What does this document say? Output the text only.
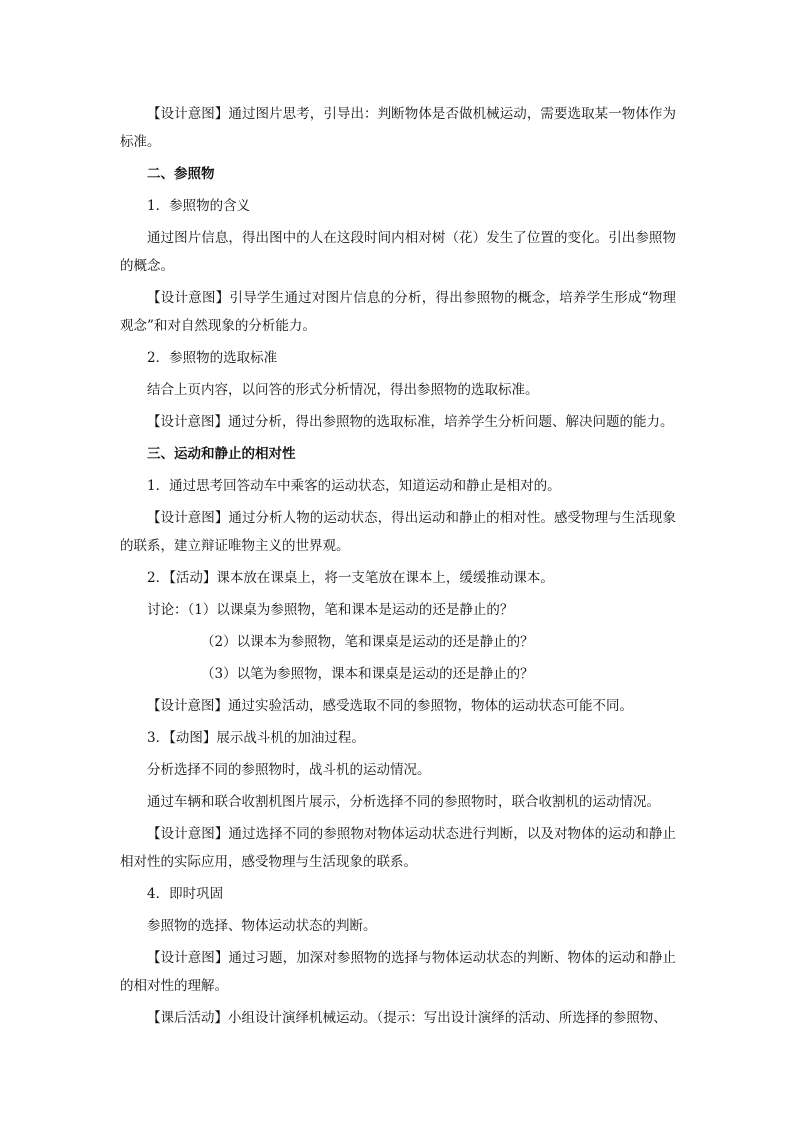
【设计意图】通过图片思考，引导出：判断物体是否做机械运动，需要选取某一物体作为标准。

二、参照物

1．参照物的含义

通过图片信息，得出图中的人在这段时间内相对树（花）发生了位置的变化。引出参照物的概念。

【设计意图】引导学生通过对图片信息的分析，得出参照物的概念，培养学生形成“物理观念”和对自然现象的分析能力。

2．参照物的选取标准

结合上页内容，以问答的形式分析情况，得出参照物的选取标准。

【设计意图】通过分析，得出参照物的选取标准，培养学生分析问题、解决问题的能力。

三、运动和静止的相对性

1．通过思考回答动车中乘客的运动状态，知道运动和静止是相对的。

【设计意图】通过分析人物的运动状态，得出运动和静止的相对性。感受物理与生活现象的联系，建立辩证唯物主义的世界观。

2．【活动】课本放在课桌上，将一支笔放在课本上，缓缓推动课本。

讨论：（1）以课桌为参照物，笔和课本是运动的还是静止的？

（2）以课本为参照物，笔和课桌是运动的还是静止的？

（3）以笔为参照物，课本和课桌是运动的还是静止的？

【设计意图】通过实验活动，感受选取不同的参照物，物体的运动状态可能不同。

3．【动图】展示战斗机的加油过程。

分析选择不同的参照物时，战斗机的运动情况。

通过车辆和联合收割机图片展示，分析选择不同的参照物时，联合收割机的运动情况。

【设计意图】通过选择不同的参照物对物体运动状态进行判断，以及对物体的运动和静止相对性的实际应用，感受物理与生活现象的联系。

4．即时巩固

参照物的选择、物体运动状态的判断。

【设计意图】通过习题，加深对参照物的选择与物体运动状态的判断、物体的运动和静止的相对性的理解。

【课后活动】小组设计演绎机械运动。（提示：写出设计演绎的活动、所选择的参照物、
